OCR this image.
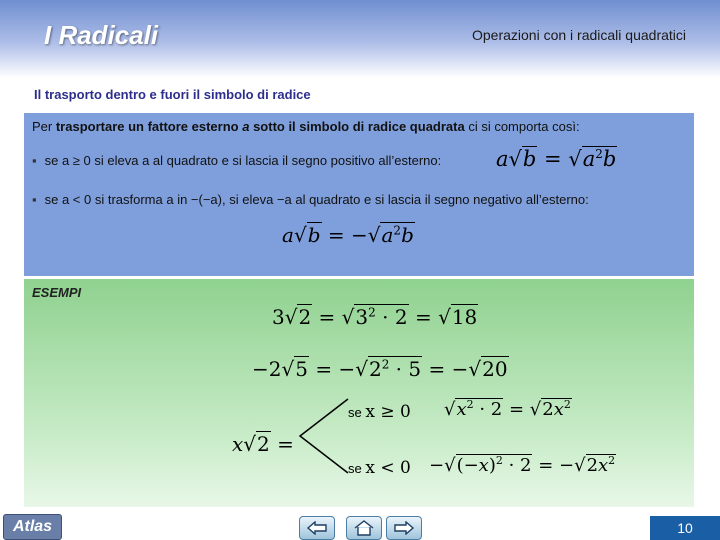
I Radicali	Operazioni con i radicali quadratici
Il trasporto dentro e fuori il simbolo di radice
Per trasportare un fattore esterno a sotto il simbolo di radice quadrata ci si comporta così:
▪ se a ≥ 0 si eleva a al quadrato e si lascia il segno positivo all’esterno:	$a√b = √a^2b$
▪ se a < 0 si trasforma a in −(−a), si eleva −a al quadrato e si lascia il segno negativo all’esterno:
$a√b = -√a^2b$
ESEMPI
$3√2 = √3^2 \cdot 2 = √18$
$-2√5 = -√2^2 \cdot 5 = -√20$
x√2 =
se x ≥ 0 $√x^2 \cdot 2 = √2x^2$
se $x < 0 -√(-x)^2 \cdot 2 = -√2x^2$
Atlas	10
